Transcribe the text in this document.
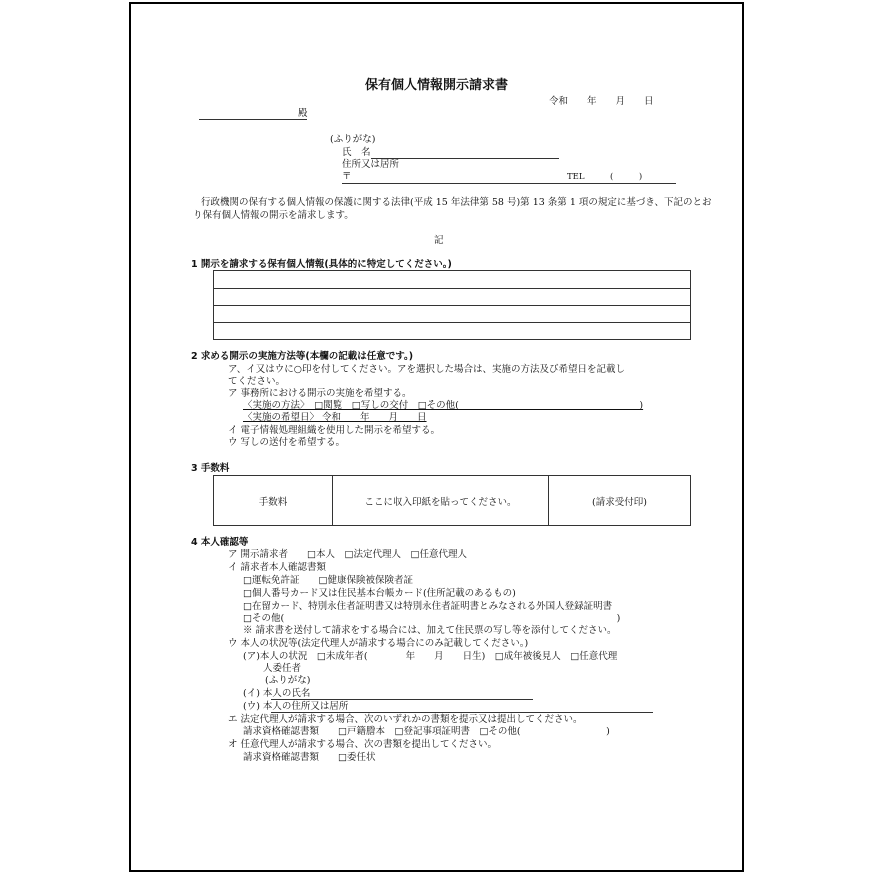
保有個人情報開示請求書
令和　　年　　月　　日
殿
(ふりがな)
氏　名
住所又は居所
〒	TEL　　　(　　　)
行政機関の保有する個人情報の保護に関する法律(平成 15 年法律第 58 号)第 13 条第 1 項の規定に基づき、下記のとおり保有個人情報の開示を請求します。
記
1 開示を請求する保有個人情報(具体的に特定してください。)
2 求める開示の実施方法等(本欄の記載は任意です。)
ア、イ又はウに○印を付してください。アを選択した場合は、実施の方法及び希望日を記載し
てください。
ア 事務所における開示の実施を希望する。
〈実施の方法〉　□閲覧　□写しの交付　□その他(　　　　　　　　　　　　　　　　　　　)
〈実施の希望日〉 令和　　年　　月　　日
イ 電子情報処理組織を使用した開示を希望する。
ウ 写しの送付を希望する。
3 手数料
手数料	ここに収入印紙を貼ってください。	(請求受付印)
4 本人確認等
ア 開示請求者　　□本人　□法定代理人　□任意代理人
イ 請求者本人確認書類
□運転免許証　　□健康保険被保険者証
□個人番号カード又は住民基本台帳カード(住所記載のあるもの)
□在留カード、特別永住者証明書又は特別永住者証明書とみなされる外国人登録証明書
□その他(　　　　　　　　　　　　　　　　　　　　　　　　　　　　　　　　　　　)
※ 請求書を送付して請求をする場合には、加えて住民票の写し等を添付してください。
ウ 本人の状況等(法定代理人が請求する場合にのみ記載してください。)
(ア)本人の状況　□未成年者(　　　　年　　月　　日生)　□成年被後見人　□任意代理
人委任者
(ふりがな)
(イ) 本人の氏名
(ウ) 本人の住所又は居所
エ 法定代理人が請求する場合、次のいずれかの書類を提示又は提出してください。
請求資格確認書類　　□戸籍謄本　□登記事項証明書　□その他(　　　　　　　　　)
オ 任意代理人が請求する場合、次の書類を提出してください。
請求資格確認書類　　□委任状
